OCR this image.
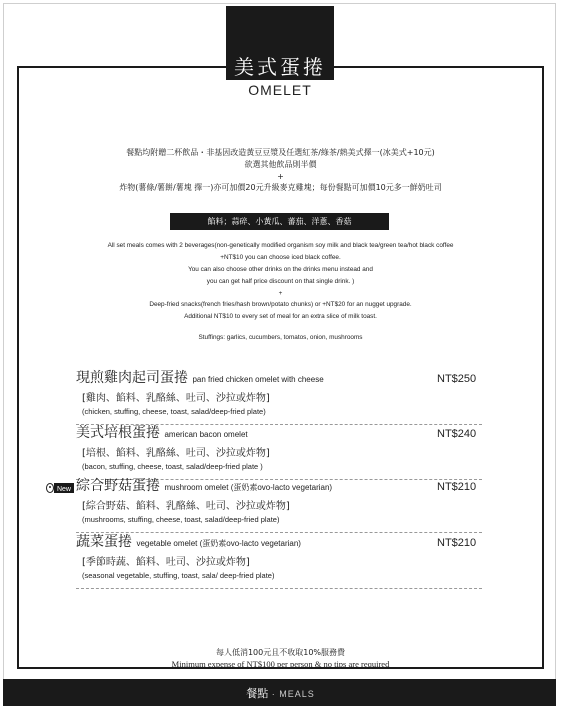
美式蛋捲
OMELET
餐點均附贈二杯飲品・非基因改造黃豆豆漿及任選紅茶/綠茶/熱美式擇一(冰美式+10元)
欲選其他飲品則半價
+
炸物(薯條/薯餅/薯塊 擇一)亦可加價20元升級麥克雞塊；每份餐點可加價10元多一鮮奶吐司
餡料；蒜碎、小黃瓜、蕃茄、洋蔥、香菇
All set meals comes with 2 beverages(non-genetically modified organism soy milk and black tea/green tea/hot black coffee
+NT$10 you can choose iced black coffee.
You can also choose other drinks on the drinks menu instead and
you can get half price discount on that single drink. )
+
Deep-fried snacks(french fries/hash brown/potato chunks) or +NT$20 for an nugget upgrade.
Additional NT$10 to every set of meal for an extra slice of milk toast.
Stuffings: garlics, cucumbers, tomatos, onion, mushrooms
現煎雞肉起司蛋捲 pan fried chicken omelet with cheese
[雞肉、餡料、乳酪絲、吐司、沙拉或炸物]
(chicken, stuffing, cheese, toast, salad/deep-fried plate)
NT$250
美式培根蛋捲 american bacon omelet
[培根、餡料、乳酪絲、吐司、沙拉或炸物]
(bacon, stuffing, cheese, toast, salad/deep-fried plate )
NT$240
New 綜合野菇蛋捲 mushroom omelet (蛋奶素ovo-lacto vegetarian)
[綜合野菇、餡料、乳酪絲、吐司、沙拉或炸物]
(mushrooms, stuffing, cheese, toast, salad/deep-fried plate)
NT$210
蔬菜蛋捲 vegetable omelet (蛋奶素ovo-lacto vegetarian)
[季節時蔬、餡料、吐司、沙拉或炸物]
(seasonal vegetable, stuffing, toast, sala/ deep-fried plate)
NT$210
每人低消100元且不收取10%服務費
Minimum expense of NT$100 per person & no tips are required
餐點 · MEALS
